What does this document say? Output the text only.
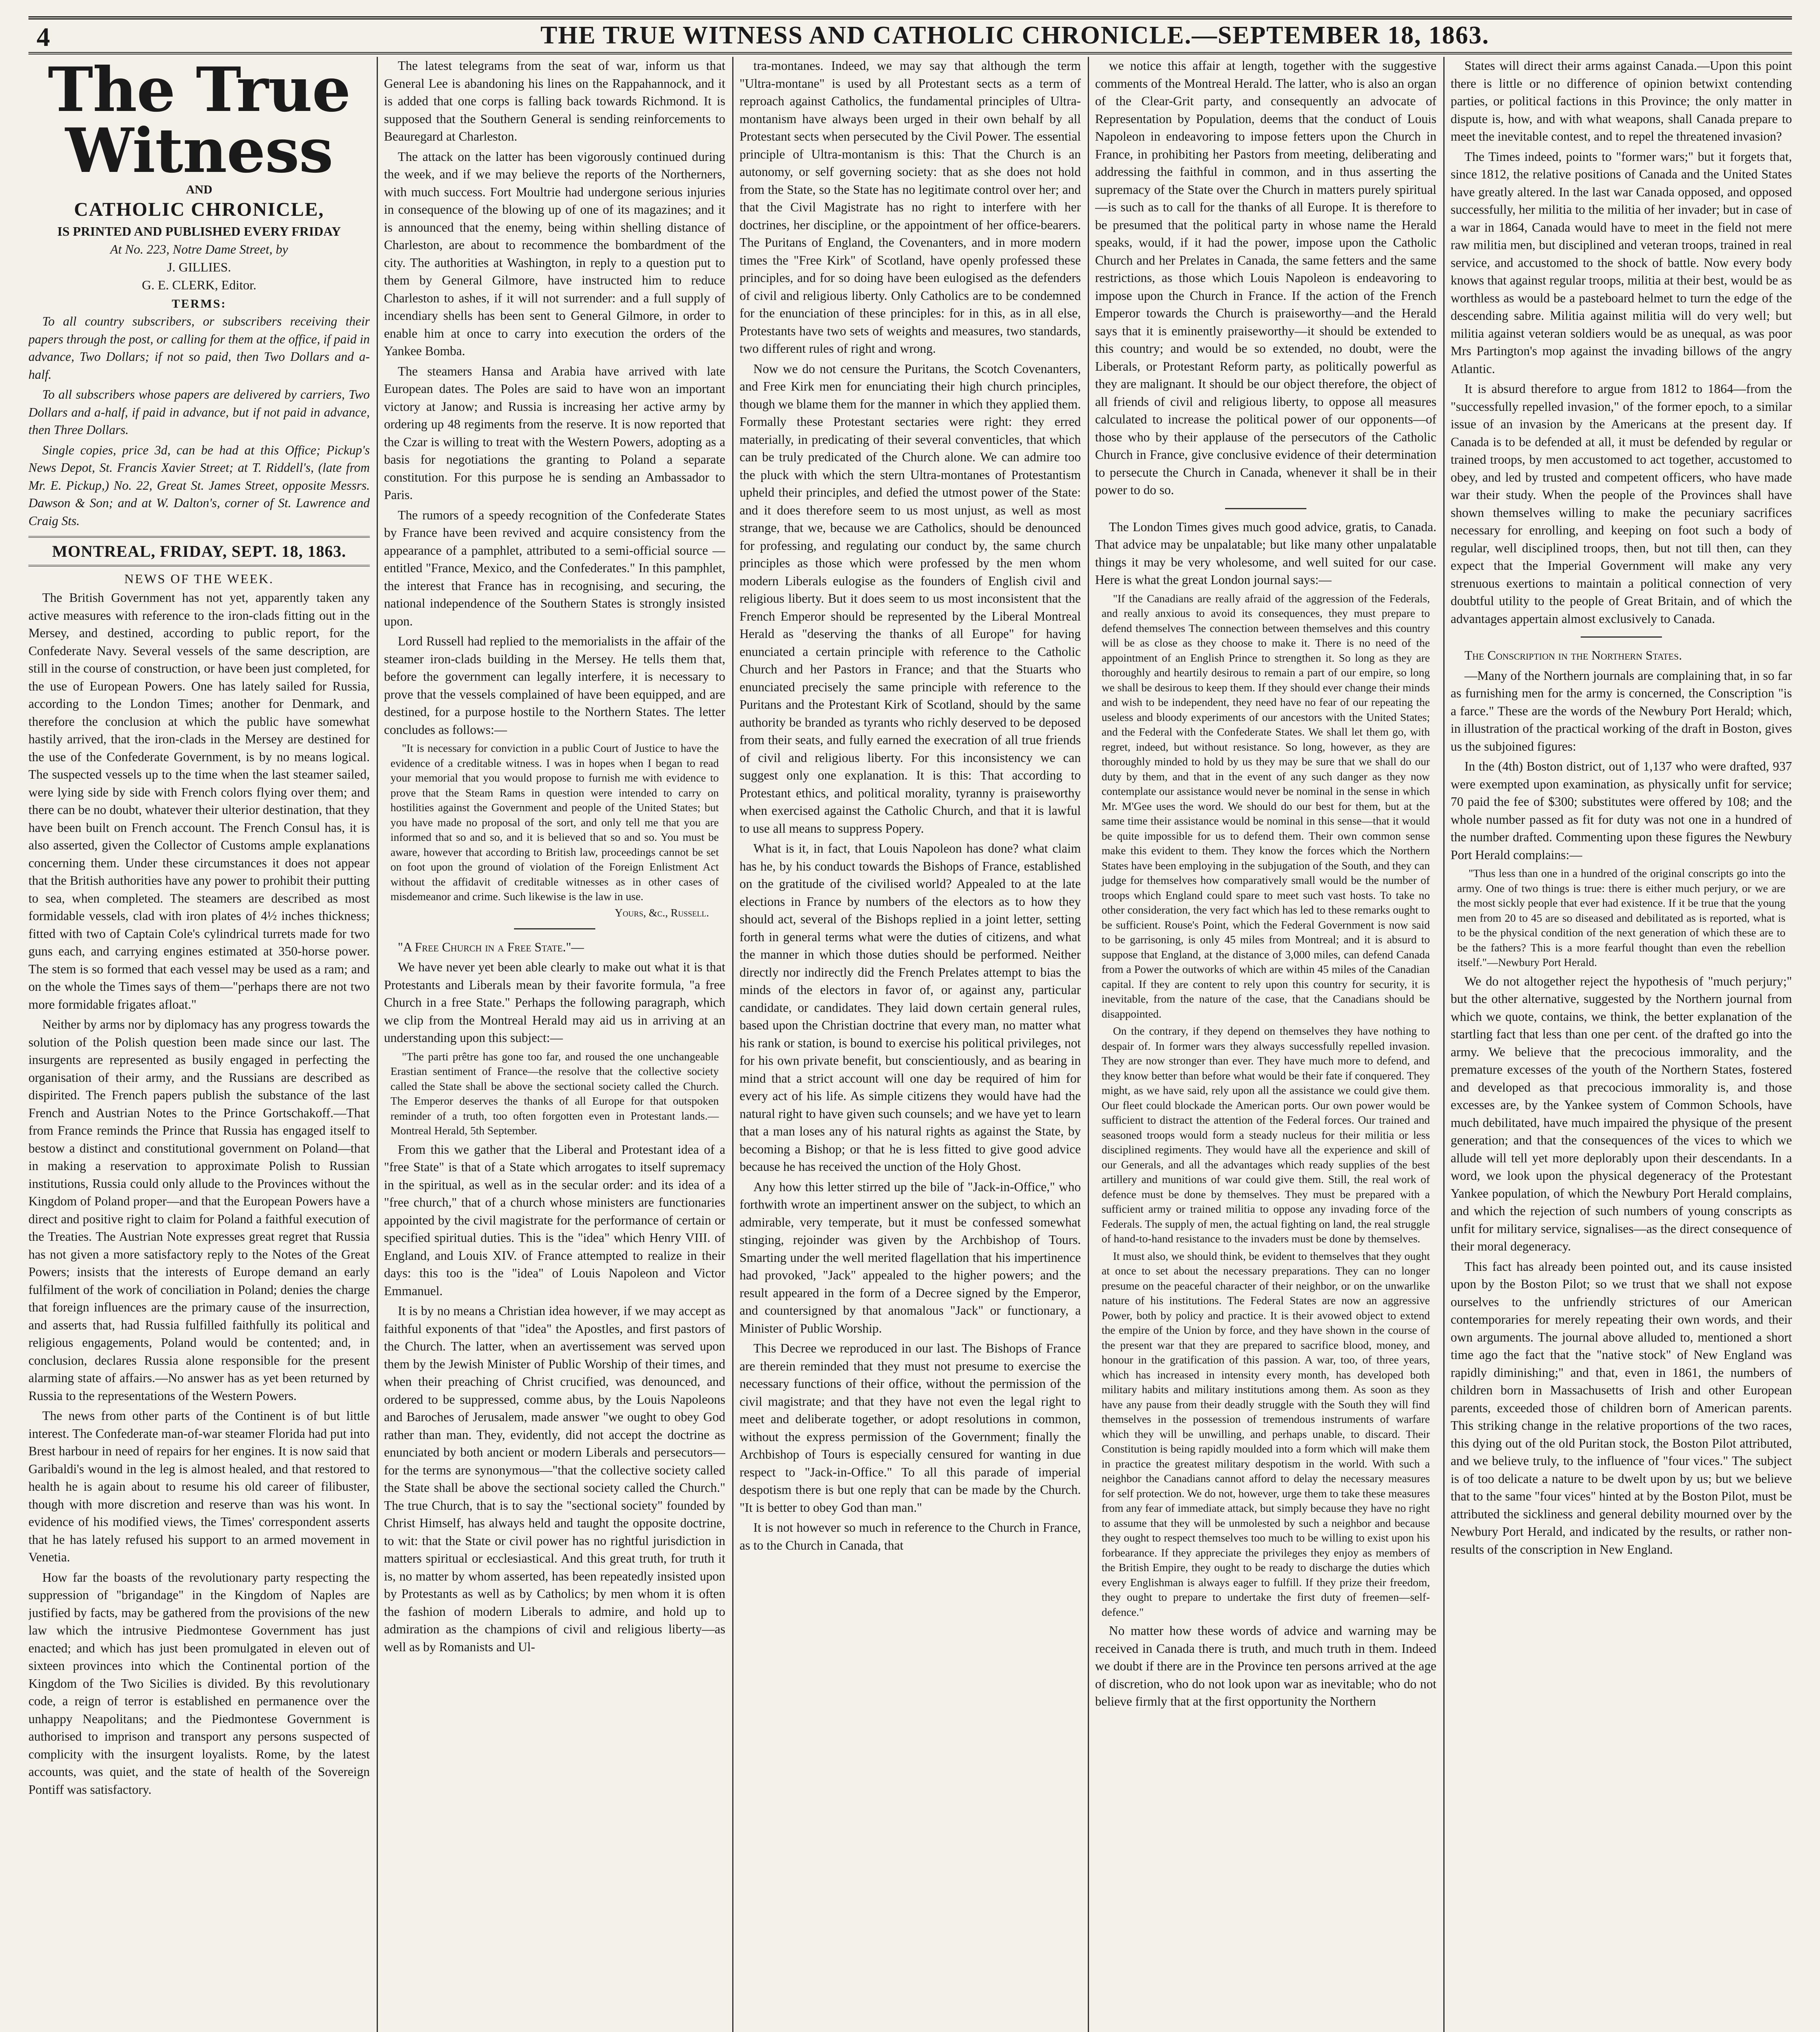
4	THE TRUE WITNESS AND CATHOLIC CHRONICLE.—SEPTEMBER 18, 1863.
The True Witness
AND
CATHOLIC CHRONICLE,
IS PRINTED AND PUBLISHED EVERY FRIDAY
At No. 223, Notre Dame Street, by
J. GILLIES.
G. E. CLERK, Editor.
TERMS:

To all country subscribers, or subscribers receiving their papers through the post, or calling for them at the office, if paid in advance, Two Dollars; if not so paid, then Two Dollars and a-half.

To all subscribers whose papers are delivered by carriers, Two Dollars and a-half, if paid in advance, but if not paid in advance, then Three Dollars.

Single copies, price 3d, can be had at this Office; Pickup's News Depot, St. Francis Xavier Street; at T. Riddell's, (late from Mr. E. Pickup,) No. 22, Great St. James Street, opposite Messrs. Dawson & Son; and at W. Dalton's, corner of St. Lawrence and Craig Sts.

MONTREAL, FRIDAY, SEPT. 18, 1863.
NEWS OF THE WEEK.

The British Government has not yet, apparently taken any active measures with reference to the iron-clads fitting out in the Mersey, and destined, according to public report, for the Confederate Navy. Several vessels of the same description, are still in the course of construction, or have been just completed, for the use of European Powers. One has lately sailed for Russia, according to the London Times; another for Denmark, and therefore the conclusion at which the public have somewhat hastily arrived, that the iron-clads in the Mersey are destined for the use of the Confederate Government, is by no means logical. The suspected vessels up to the time when the last steamer sailed, were lying side by side with French colors flying over them; and there can be no doubt, whatever their ulterior destination, that they have been built on French account. The French Consul has, it is also asserted, given the Collector of Customs ample explanations concerning them. Under these circumstances it does not appear that the British authorities have any power to prohibit their putting to sea, when completed. The steamers are described as most formidable vessels, clad with iron plates of 4½ inches thickness; fitted with two of Captain Cole's cylindrical turrets made for two guns each, and carrying engines estimated at 350-horse power. The stem is so formed that each vessel may be used as a ram; and on the whole the Times says of them—"perhaps there are not two more formidable frigates afloat."

Neither by arms nor by diplomacy has any progress towards the solution of the Polish question been made since our last. The insurgents are represented as busily engaged in perfecting the organisation of their army, and the Russians are described as dispirited. The French papers publish the substance of the last French and Austrian Notes to the Prince Gortschakoff.—That from France reminds the Prince that Russia has engaged itself to bestow a distinct and constitutional government on Poland—that in making a reservation to approximate Polish to Russian institutions, Russia could only allude to the Provinces without the Kingdom of Poland proper—and that the European Powers have a direct and positive right to claim for Poland a faithful execution of the Treaties. The Austrian Note expresses great regret that Russia has not given a more satisfactory reply to the Notes of the Great Powers; insists that the interests of Europe demand an early fulfilment of the work of conciliation in Poland; denies the charge that foreign influences are the primary cause of the insurrection, and asserts that, had Russia fulfilled faithfully its political and religious engagements, Poland would be contented; and, in conclusion, declares Russia alone responsible for the present alarming state of affairs.—No answer has as yet been returned by Russia to the representations of the Western Powers.

The news from other parts of the Continent is of but little interest. The Confederate man-of-war steamer Florida had put into Brest harbour in need of repairs for her engines. It is now said that Garibaldi's wound in the leg is almost healed, and that restored to health he is again about to resume his old career of filibuster, though with more discretion and reserve than was his wont. In evidence of his modified views, the Times' correspondent asserts that he has lately refused his support to an armed movement in Venetia.

How far the boasts of the revolutionary party respecting the suppression of "brigandage" in the Kingdom of Naples are justified by facts, may be gathered from the provisions of the new law which the intrusive Piedmontese Government has just enacted; and which has just been promulgated in eleven out of sixteen provinces into which the Continental portion of the Kingdom of the Two Sicilies is divided. By this revolutionary code, a reign of terror is established en permanence over the unhappy Neapolitans; and the Piedmontese Government is authorised to imprison and transport any persons suspected of complicity with the insurgent loyalists. Rome, by the latest accounts, was quiet, and the state of health of the Sovereign Pontiff was satisfactory.

The latest telegrams from the seat of war, inform us that General Lee is abandoning his lines on the Rappahannock, and it is added that one corps is falling back towards Richmond. It is supposed that the Southern General is sending reinforcements to Beauregard at Charleston.

The attack on the latter has been vigorously continued during the week, and if we may believe the reports of the Northerners, with much success. Fort Moultrie had undergone serious injuries in consequence of the blowing up of one of its magazines; and it is announced that the enemy, being within shelling distance of Charleston, are about to recommence the bombardment of the city. The authorities at Washington, in reply to a question put to them by General Gilmore, have instructed him to reduce Charleston to ashes, if it will not surrender: and a full supply of incendiary shells has been sent to General Gilmore, in order to enable him at once to carry into execution the orders of the Yankee Bomba.

The steamers Hansa and Arabia have arrived with late European dates. The Poles are said to have won an important victory at Janow; and Russia is increasing her active army by ordering up 48 regiments from the reserve. It is now reported that the Czar is willing to treat with the Western Powers, adopting as a basis for negotiations the granting to Poland a separate constitution. For this purpose he is sending an Ambassador to Paris.

The rumors of a speedy recognition of the Confederate States by France have been revived and acquire consistency from the appearance of a pamphlet, attributed to a semi-official source —entitled "France, Mexico, and the Confederates." In this pamphlet, the interest that France has in recognising, and securing, the national independence of the Southern States is strongly insisted upon.

Lord Russell had replied to the memorialists in the affair of the steamer iron-clads building in the Mersey. He tells them that, before the government can legally interfere, it is necessary to prove that the vessels complained of have been equipped, and are destined, for a purpose hostile to the Northern States. The letter concludes as follows:—

"It is necessary for conviction in a public Court of Justice to have the evidence of a creditable witness. I was in hopes when I began to read your memorial that you would propose to furnish me with evidence to prove that the Steam Rams in question were intended to carry on hostilities against the Government and people of the United States; but you have made no proposal of the sort, and only tell me that you are informed that so and so, and it is believed that so and so. You must be aware, however that according to British law, proceedings cannot be set on foot upon the ground of violation of the Foreign Enlistment Act without the affidavit of creditable witnesses as in other cases of misdemeanor and crime. Such likewise is the law in use.

Yours, &c., Russell.

"A Free Church in a Free State."—

We have never yet been able clearly to make out what it is that Protestants and Liberals mean by their favorite formula, "a free Church in a free State." Perhaps the following paragraph, which we clip from the Montreal Herald may aid us in arriving at an understanding upon this subject:—

"The parti prêtre has gone too far, and roused the one unchangeable Erastian sentiment of France—the resolve that the collective society called the State shall be above the sectional society called the Church. The Emperor deserves the thanks of all Europe for that outspoken reminder of a truth, too often forgotten even in Protestant lands.—Montreal Herald, 5th September.

From this we gather that the Liberal and Protestant idea of a "free State" is that of a State which arrogates to itself supremacy in the spiritual, as well as in the secular order: and its idea of a "free church," that of a church whose ministers are functionaries appointed by the civil magistrate for the performance of certain or specified spiritual duties. This is the "idea" which Henry VIII. of England, and Louis XIV. of France attempted to realize in their days: this too is the "idea" of Louis Napoleon and Victor Emmanuel.

It is by no means a Christian idea however, if we may accept as faithful exponents of that "idea" the Apostles, and first pastors of the Church. The latter, when an avertissement was served upon them by the Jewish Minister of Public Worship of their times, and when their preaching of Christ crucified, was denounced, and ordered to be suppressed, comme abus, by the Louis Napoleons and Baroches of Jerusalem, made answer "we ought to obey God rather than man. They, evidently, did not accept the doctrine as enunciated by both ancient or modern Liberals and persecutors—for the terms are synonymous—"that the collective society called the State shall be above the sectional society called the Church." The true Church, that is to say the "sectional society" founded by Christ Himself, has always held and taught the opposite doctrine, to wit: that the State or civil power has no rightful jurisdiction in matters spiritual or ecclesiastical. And this great truth, for truth it is, no matter by whom asserted, has been repeatedly insisted upon by Protestants as well as by Catholics; by men whom it is often the fashion of modern Liberals to admire, and hold up to admiration as the champions of civil and religious liberty—as well as by Romanists and Ul-

tra-montanes. Indeed, we may say that although the term "Ultra-montane" is used by all Protestant sects as a term of reproach against Catholics, the fundamental principles of Ultra-montanism have always been urged in their own behalf by all Protestant sects when persecuted by the Civil Power. The essential principle of Ultra-montanism is this: That the Church is an autonomy, or self governing society: that as she does not hold from the State, so the State has no legitimate control over her; and that the Civil Magistrate has no right to interfere with her doctrines, her discipline, or the appointment of her office-bearers. The Puritans of England, the Covenanters, and in more modern times the "Free Kirk" of Scotland, have openly professed these principles, and for so doing have been eulogised as the defenders of civil and religious liberty. Only Catholics are to be condemned for the enunciation of these principles: for in this, as in all else, Protestants have two sets of weights and measures, two standards, two different rules of right and wrong.

Now we do not censure the Puritans, the Scotch Covenanters, and Free Kirk men for enunciating their high church principles, though we blame them for the manner in which they applied them. Formally these Protestant sectaries were right: they erred materially, in predicating of their several conventicles, that which can be truly predicated of the Church alone. We can admire too the pluck with which the stern Ultra-montanes of Protestantism upheld their principles, and defied the utmost power of the State: and it does therefore seem to us most unjust, as well as most strange, that we, because we are Catholics, should be denounced for professing, and regulating our conduct by, the same church principles as those which were professed by the men whom modern Liberals eulogise as the founders of English civil and religious liberty. But it does seem to us most inconsistent that the French Emperor should be represented by the Liberal Montreal Herald as "deserving the thanks of all Europe" for having enunciated a certain principle with reference to the Catholic Church and her Pastors in France; and that the Stuarts who enunciated precisely the same principle with reference to the Puritans and the Protestant Kirk of Scotland, should by the same authority be branded as tyrants who richly deserved to be deposed from their seats, and fully earned the execration of all true friends of civil and religious liberty. For this inconsistency we can suggest only one explanation. It is this: That according to Protestant ethics, and political morality, tyranny is praiseworthy when exercised against the Catholic Church, and that it is lawful to use all means to suppress Popery.

What is it, in fact, that Louis Napoleon has done? what claim has he, by his conduct towards the Bishops of France, established on the gratitude of the civilised world? Appealed to at the late elections in France by numbers of the electors as to how they should act, several of the Bishops replied in a joint letter, setting forth in general terms what were the duties of citizens, and what the manner in which those duties should be performed. Neither directly nor indirectly did the French Prelates attempt to bias the minds of the electors in favor of, or against any, particular candidate, or candidates. They laid down certain general rules, based upon the Christian doctrine that every man, no matter what his rank or station, is bound to exercise his political privileges, not for his own private benefit, but conscientiously, and as bearing in mind that a strict account will one day be required of him for every act of his life. As simple citizens they would have had the natural right to have given such counsels; and we have yet to learn that a man loses any of his natural rights as against the State, by becoming a Bishop; or that he is less fitted to give good advice because he has received the unction of the Holy Ghost.

Any how this letter stirred up the bile of "Jack-in-Office," who forthwith wrote an impertinent answer on the subject, to which an admirable, very temperate, but it must be confessed somewhat stinging, rejoinder was given by the Archbishop of Tours. Smarting under the well merited flagellation that his impertinence had provoked, "Jack" appealed to the higher powers; and the result appeared in the form of a Decree signed by the Emperor, and countersigned by that anomalous "Jack" or functionary, a Minister of Public Worship.

This Decree we reproduced in our last. The Bishops of France are therein reminded that they must not presume to exercise the necessary functions of their office, without the permission of the civil magistrate; and that they have not even the legal right to meet and deliberate together, or adopt resolutions in common, without the express permission of the Government; finally the Archbishop of Tours is especially censured for wanting in due respect to "Jack-in-Office." To all this parade of imperial despotism there is but one reply that can be made by the Church. "It is better to obey God than man."

It is not however so much in reference to the Church in France, as to the Church in Canada, that

we notice this affair at length, together with the suggestive comments of the Montreal Herald. The latter, who is also an organ of the Clear-Grit party, and consequently an advocate of Representation by Population, deems that the conduct of Louis Napoleon in endeavoring to impose fetters upon the Church in France, in prohibiting her Pastors from meeting, deliberating and addressing the faithful in common, and in thus asserting the supremacy of the State over the Church in matters purely spiritual—is such as to call for the thanks of all Europe. It is therefore to be presumed that the political party in whose name the Herald speaks, would, if it had the power, impose upon the Catholic Church and her Prelates in Canada, the same fetters and the same restrictions, as those which Louis Napoleon is endeavoring to impose upon the Church in France. If the action of the French Emperor towards the Church is praiseworthy—and the Herald says that it is eminently praiseworthy—it should be extended to this country; and would be so extended, no doubt, were the Liberals, or Protestant Reform party, as politically powerful as they are malignant. It should be our object therefore, the object of all friends of civil and religious liberty, to oppose all measures calculated to increase the political power of our opponents—of those who by their applause of the persecutors of the Catholic Church in France, give conclusive evidence of their determination to persecute the Church in Canada, whenever it shall be in their power to do so.

The London Times gives much good advice, gratis, to Canada. That advice may be unpalatable; but like many other unpalatable things it may be very wholesome, and well suited for our case. Here is what the great London journal says:—

"If the Canadians are really afraid of the aggression of the Federals, and really anxious to avoid its consequences, they must prepare to defend themselves The connection between themselves and this country will be as close as they choose to make it. There is no need of the appointment of an English Prince to strengthen it. So long as they are thoroughly and heartily desirous to remain a part of our empire, so long we shall be desirous to keep them. If they should ever change their minds and wish to be independent, they need have no fear of our repeating the useless and bloody experiments of our ancestors with the United States; and the Federal with the Confederate States. We shall let them go, with regret, indeed, but without resistance. So long, however, as they are thoroughly minded to hold by us they may be sure that we shall do our duty by them, and that in the event of any such danger as they now contemplate our assistance would never be nominal in the sense in which Mr. M'Gee uses the word. We should do our best for them, but at the same time their assistance would be nominal in this sense—that it would be quite impossible for us to defend them. Their own common sense make this evident to them. They know the forces which the Northern States have been employing in the subjugation of the South, and they can judge for themselves how comparatively small would be the number of troops which England could spare to meet such vast hosts. To take no other consideration, the very fact which has led to these remarks ought to be sufficient. Rouse's Point, which the Federal Government is now said to be garrisoning, is only 45 miles from Montreal; and it is absurd to suppose that England, at the distance of 3,000 miles, can defend Canada from a Power the outworks of which are within 45 miles of the Canadian capital. If they are content to rely upon this country for security, it is inevitable, from the nature of the case, that the Canadians should be disappointed.

On the contrary, if they depend on themselves they have nothing to despair of. In former wars they always successfully repelled invasion. They are now stronger than ever. They have much more to defend, and they know better than before what would be their fate if conquered. They might, as we have said, rely upon all the assistance we could give them. Our fleet could blockade the American ports. Our own power would be sufficient to distract the attention of the Federal forces. Our trained and seasoned troops would form a steady nucleus for their militia or less disciplined regiments. They would have all the experience and skill of our Generals, and all the advantages which ready supplies of the best artillery and munitions of war could give them. Still, the real work of defence must be done by themselves. They must be prepared with a sufficient army or trained militia to oppose any invading force of the Federals. The supply of men, the actual fighting on land, the real struggle of hand-to-hand resistance to the invaders must be done by themselves.

It must also, we should think, be evident to themselves that they ought at once to set about the necessary preparations. They can no longer presume on the peaceful character of their neighbor, or on the unwarlike nature of his institutions. The Federal States are now an aggressive Power, both by policy and practice. It is their avowed object to extend the empire of the Union by force, and they have shown in the course of the present war that they are prepared to sacrifice blood, money, and honour in the gratification of this passion. A war, too, of three years, which has increased in intensity every month, has developed both military habits and military institutions among them. As soon as they have any pause from their deadly struggle with the South they will find themselves in the possession of tremendous instruments of warfare which they will be unwilling, and perhaps unable, to discard. Their Constitution is being rapidly moulded into a form which will make them in practice the greatest military despotism in the world. With such a neighbor the Canadians cannot afford to delay the necessary measures for self protection. We do not, however, urge them to take these measures from any fear of immediate attack, but simply because they have no right to assume that they will be unmolested by such a neighbor and because they ought to respect themselves too much to be willing to exist upon his forbearance. If they appreciate the privileges they enjoy as members of the British Empire, they ought to be ready to discharge the duties which every Englishman is always eager to fulfill. If they prize their freedom, they ought to prepare to undertake the first duty of freemen—self-defence."

No matter how these words of advice and warning may be received in Canada there is truth, and much truth in them. Indeed we doubt if there are in the Province ten persons arrived at the age of discretion, who do not look upon war as inevitable; who do not believe firmly that at the first opportunity the Northern

States will direct their arms against Canada.—Upon this point there is little or no difference of opinion betwixt contending parties, or political factions in this Province; the only matter in dispute is, how, and with what weapons, shall Canada prepare to meet the inevitable contest, and to repel the threatened invasion?

The Times indeed, points to "former wars;" but it forgets that, since 1812, the relative positions of Canada and the United States have greatly altered. In the last war Canada opposed, and opposed successfully, her militia to the militia of her invader; but in case of a war in 1864, Canada would have to meet in the field not mere raw militia men, but disciplined and veteran troops, trained in real service, and accustomed to the shock of battle. Now every body knows that against regular troops, militia at their best, would be as worthless as would be a pasteboard helmet to turn the edge of the descending sabre. Militia against militia will do very well; but militia against veteran soldiers would be as unequal, as was poor Mrs Partington's mop against the invading billows of the angry Atlantic.

It is absurd therefore to argue from 1812 to 1864—from the "successfully repelled invasion," of the former epoch, to a similar issue of an invasion by the Americans at the present day. If Canada is to be defended at all, it must be defended by regular or trained troops, by men accustomed to act together, accustomed to obey, and led by trusted and competent officers, who have made war their study. When the people of the Provinces shall have shown themselves willing to make the pecuniary sacrifices necessary for enrolling, and keeping on foot such a body of regular, well disciplined troops, then, but not till then, can they expect that the Imperial Government will make any very strenuous exertions to maintain a political connection of very doubtful utility to the people of Great Britain, and of which the advantages appertain almost exclusively to Canada.

The Conscription in the Northern States.

—Many of the Northern journals are complaining that, in so far as furnishing men for the army is concerned, the Conscription "is a farce." These are the words of the Newbury Port Herald; which, in illustration of the practical working of the draft in Boston, gives us the subjoined figures:

In the (4th) Boston district, out of 1,137 who were drafted, 937 were exempted upon examination, as physically unfit for service; 70 paid the fee of $300; substitutes were offered by 108; and the whole number passed as fit for duty was not one in a hundred of the number drafted. Commenting upon these figures the Newbury Port Herald complains:—

"Thus less than one in a hundred of the original conscripts go into the army. One of two things is true: there is either much perjury, or we are the most sickly people that ever had existence. If it be true that the young men from 20 to 45 are so diseased and debilitated as is reported, what is to be the physical condition of the next generation of which these are to be the fathers? This is a more fearful thought than even the rebellion itself."—Newbury Port Herald.

We do not altogether reject the hypothesis of "much perjury;" but the other alternative, suggested by the Northern journal from which we quote, contains, we think, the better explanation of the startling fact that less than one per cent. of the drafted go into the army. We believe that the precocious immorality, and the premature excesses of the youth of the Northern States, fostered and developed as that precocious immorality is, and those excesses are, by the Yankee system of Common Schools, have much debilitated, have much impaired the physique of the present generation; and that the consequences of the vices to which we allude will tell yet more deplorably upon their descendants. In a word, we look upon the physical degeneracy of the Protestant Yankee population, of which the Newbury Port Herald complains, and which the rejection of such numbers of young conscripts as unfit for military service, signalises—as the direct consequence of their moral degeneracy.

This fact has already been pointed out, and its cause insisted upon by the Boston Pilot; so we trust that we shall not expose ourselves to the unfriendly strictures of our American contemporaries for merely repeating their own words, and their own arguments. The journal above alluded to, mentioned a short time ago the fact that the "native stock" of New England was rapidly diminishing;" and that, even in 1861, the numbers of children born in Massachusetts of Irish and other European parents, exceeded those of children born of American parents. This striking change in the relative proportions of the two races, this dying out of the old Puritan stock, the Boston Pilot attributed, and we believe truly, to the influence of "four vices." The subject is of too delicate a nature to be dwelt upon by us; but we believe that to the same "four vices" hinted at by the Boston Pilot, must be attributed the sickliness and general debility mourned over by the Newbury Port Herald, and indicated by the results, or rather non-results of the conscription in New England.
